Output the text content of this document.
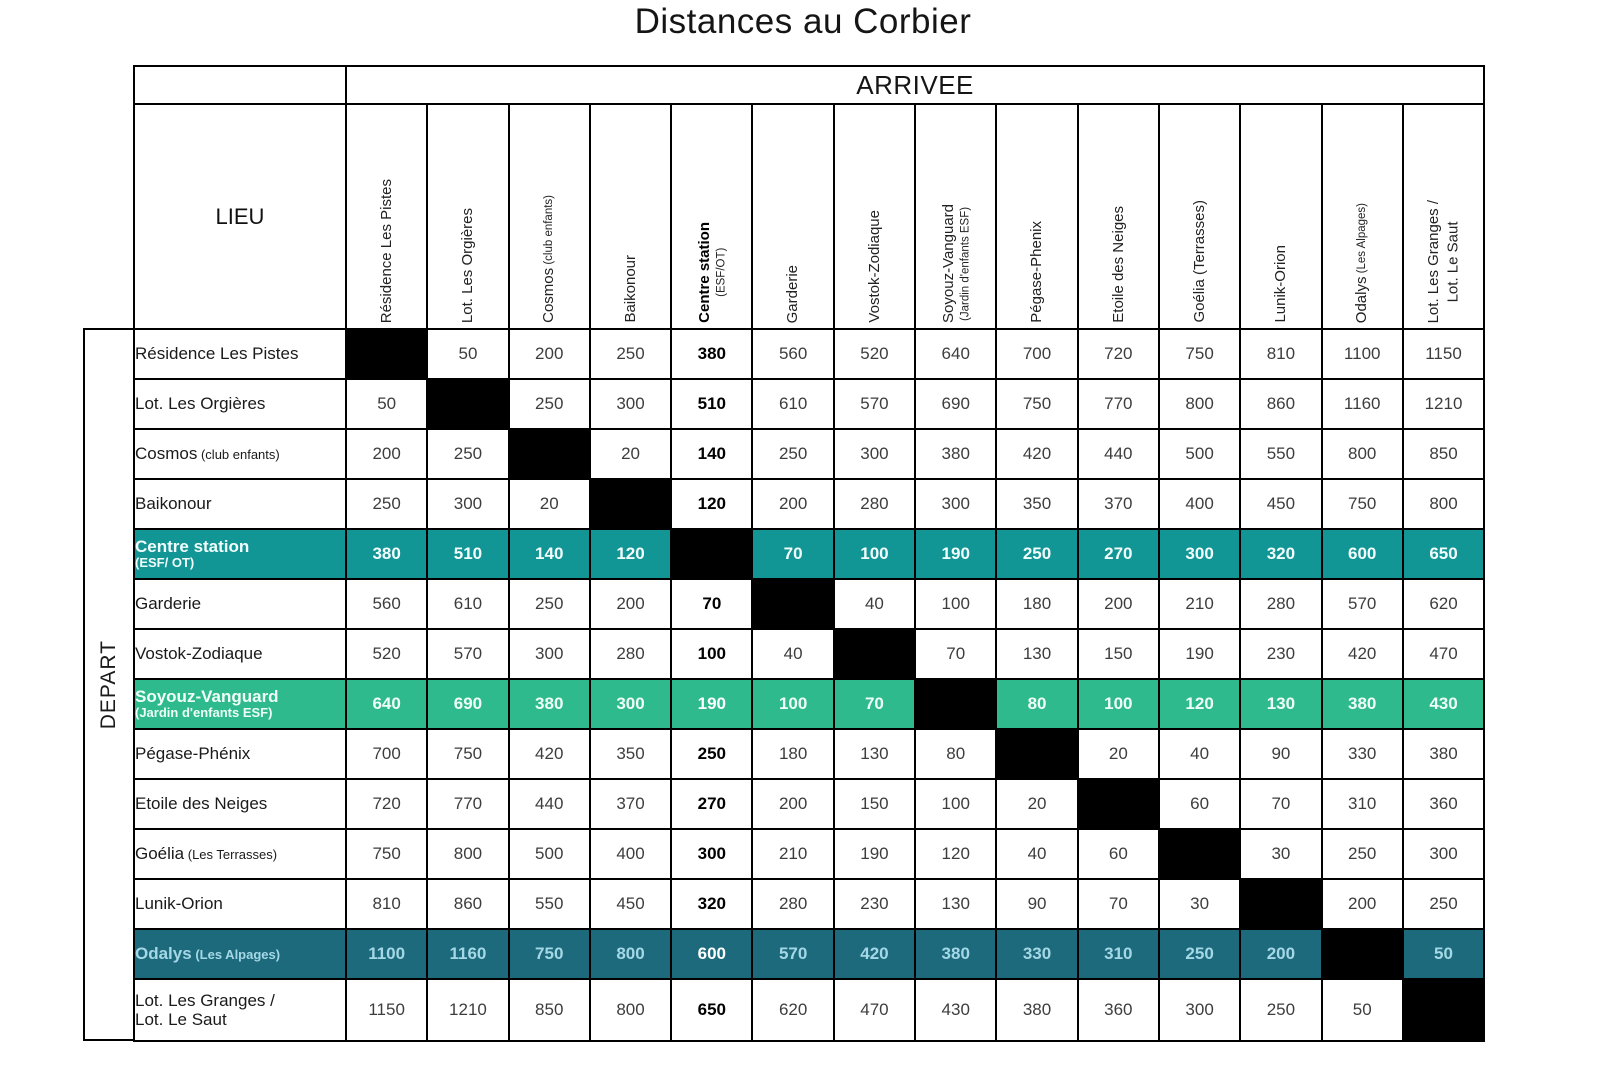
Distances au Corbier
DEPART
	ARRIVEE													
LIEU	Résidence Les Pistes	Lot. Les Orgières	Cosmos (club enfants)	Baikonour	Centre station (ESF/OT)	Garderie	Vostok-Zodiaque	Soyouz-Vanguard (Jardin d'enfants ESF)	Pégase-Phenix	Etoile des Neiges	Goélia (Terrasses)	Lunik-Orion	Odalys (Les Alpages)	Lot. Les Granges / Lot. Le Saut

Résidence Les Pistes		50	200	250	380	560	520	640	700	720	750	810	1100	1150
Lot. Les Orgières	50		250	300	510	610	570	690	750	770	800	860	1160	1210
Cosmos (club enfants)	200	250		20	140	250	300	380	420	440	500	550	800	850
Baikonour	250	300	20		120	200	280	300	350	370	400	450	750	800
Centre station
(ESF/ OT)	380	510	140	120		70	100	190	250	270	300	320	600	650
Garderie	560	610	250	200	70		40	100	180	200	210	280	570	620
Vostok-Zodiaque	520	570	300	280	100	40		70	130	150	190	230	420	470
Soyouz-Vanguard
(Jardin d'enfants ESF)	640	690	380	300	190	100	70		80	100	120	130	380	430
Pégase-Phénix	700	750	420	350	250	180	130	80		20	40	90	330	380
Etoile des Neiges	720	770	440	370	270	200	150	100	20		60	70	310	360
Goélia (Les Terrasses)	750	800	500	400	300	210	190	120	40	60		30	250	300
Lunik-Orion	810	860	550	450	320	280	230	130	90	70	30		200	250
Odalys (Les Alpages)	1100	1160	750	800	600	570	420	380	330	310	250	200		50
Lot. Les Granges /
Lot. Le Saut	1150	1210	850	800	650	620	470	430	380	360	300	250	50	
